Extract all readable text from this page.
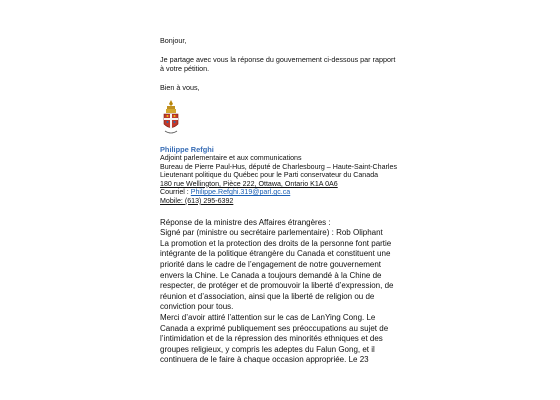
Bonjour,

Je partage avec vous la réponse du gouvernement ci-dessous par rapport à votre pétition.

Bien à vous,

Philippe Refghi

Adjoint parlementaire et aux communications

Bureau de Pierre Paul-Hus, député de Charlesbourg – Haute-Saint-Charles

Lieutenant politique du Québec pour le Parti conservateur du Canada

180 rue Wellington, Pièce 222, Ottawa, Ontario K1A 0A6

Courriel : Philippe.Refghi.319@parl.gc.ca

Mobile: (613) 295-6392

Réponse de la ministre des Affaires étrangères :

Signé par (ministre ou secrétaire parlementaire) : Rob Oliphant

La promotion et la protection des droits de la personne font partie intégrante de la politique étrangère du Canada et constituent une priorité dans le cadre de l’engagement de notre gouvernement envers la Chine. Le Canada a toujours demandé à la Chine de respecter, de protéger et de promouvoir la liberté d’expression, de réunion et d’association, ainsi que la liberté de religion ou de conviction pour tous.

Merci d’avoir attiré l’attention sur le cas de LanYing Cong. Le Canada a exprimé publiquement ses préoccupations au sujet de l’intimidation et de la répression des minorités ethniques et des groupes religieux, y compris les adeptes du Falun Gong, et il continuera de le faire à chaque occasion appropriée. Le 23
